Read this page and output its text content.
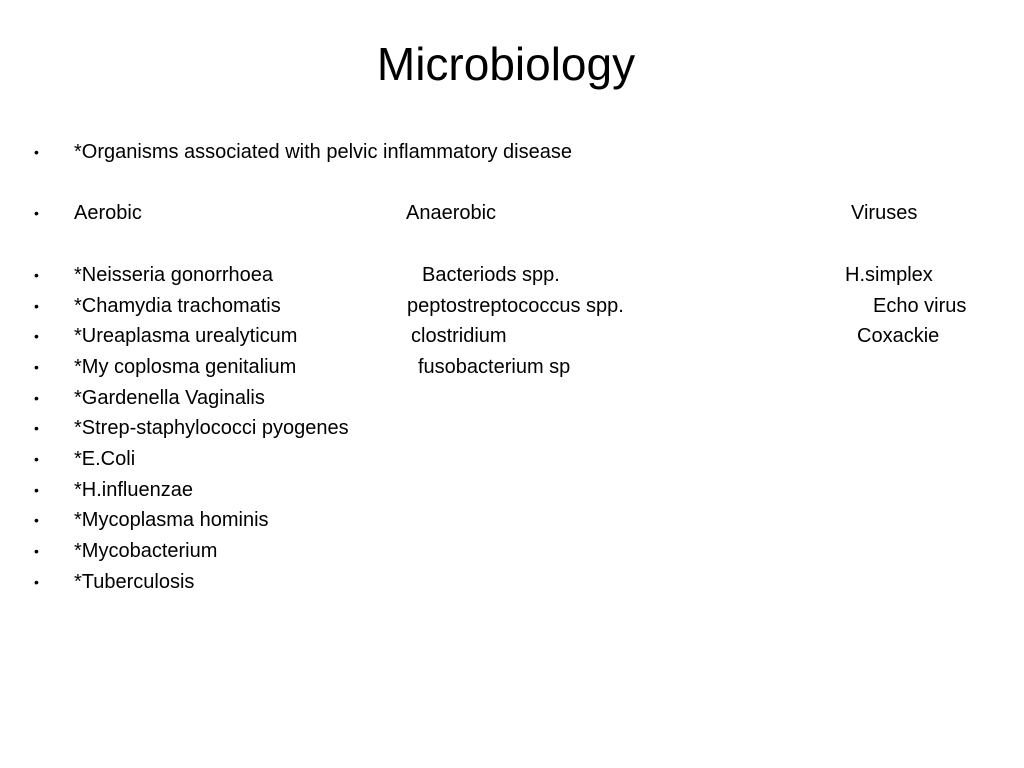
Microbiology
• *Organisms associated with pelvic inflammatory disease
• Aerobic	Anaerobic	Viruses
• *Neisseria gonorrhoea	Bacteriods spp.	H.simplex
• *Chamydia trachomatis	peptostreptococcus spp.	Echo virus
• *Ureaplasma urealyticum	clostridium	Coxackie
• *My coplosma genitalium	fusobacterium sp
• *Gardenella Vaginalis
• *Strep-staphylococci pyogenes
• *E.Coli
• *H.influenzae
• *Mycoplasma hominis
• *Mycobacterium
• *Tuberculosis
